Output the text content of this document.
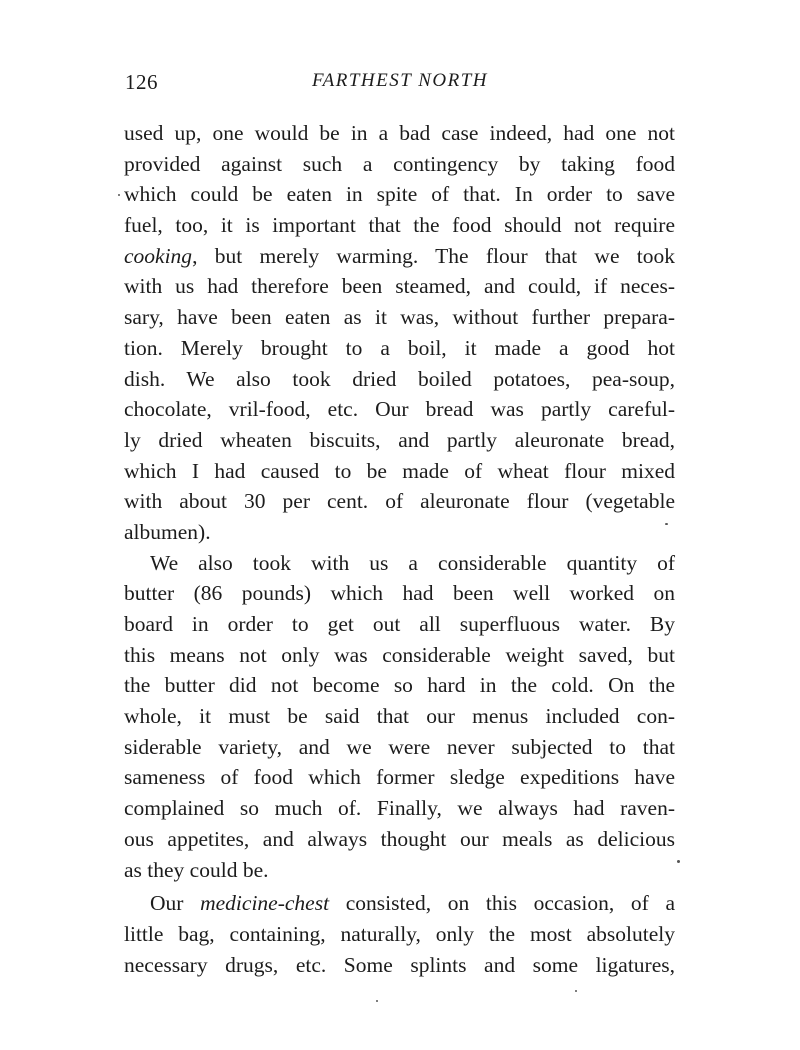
126	FARTHEST NORTH
used up, one would be in a bad case indeed, had one not
provided against such a contingency by taking food
which could be eaten in spite of that. In order to save
fuel, too, it is important that the food should not require
cooking, but merely warming. The flour that we took
with us had therefore been steamed, and could, if neces-
sary, have been eaten as it was, without further prepara-
tion. Merely brought to a boil, it made a good hot
dish. We also took dried boiled potatoes, pea-soup,
chocolate, vril-food, etc. Our bread was partly careful-
ly dried wheaten biscuits, and partly aleuronate bread,
which I had caused to be made of wheat flour mixed
with about 30 per cent. of aleuronate flour (vegetable
albumen).
We also took with us a considerable quantity of
butter (86 pounds) which had been well worked on
board in order to get out all superfluous water. By
this means not only was considerable weight saved, but
the butter did not become so hard in the cold. On the
whole, it must be said that our menus included con-
siderable variety, and we were never subjected to that
sameness of food which former sledge expeditions have
complained so much of. Finally, we always had raven-
ous appetites, and always thought our meals as delicious
as they could be.
Our medicine-chest consisted, on this occasion, of a
little bag, containing, naturally, only the most absolutely
necessary drugs, etc. Some splints and some ligatures,
